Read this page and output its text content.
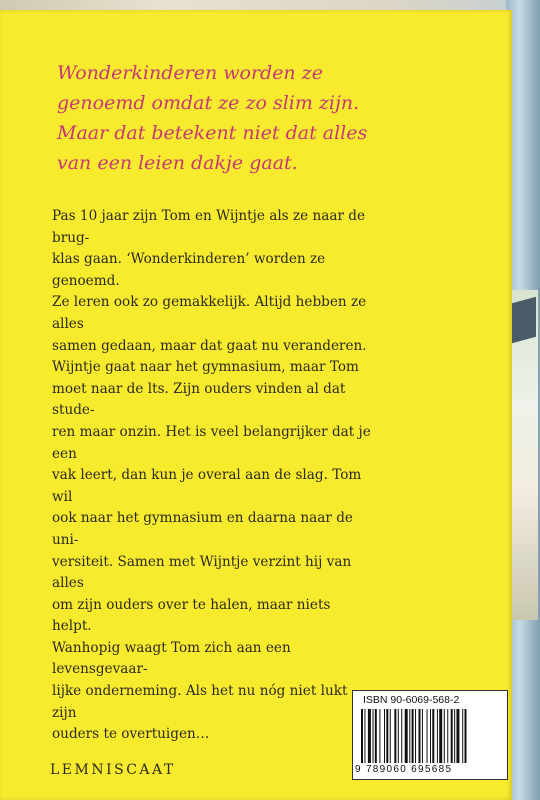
Wonderkinderen worden ze genoemd omdat ze zo slim zijn. Maar dat betekent niet dat alles van een leien dakje gaat.

Pas 10 jaar zijn Tom en Wijntje als ze naar de brug-
klas gaan. ‘Wonderkinderen’ worden ze genoemd.
Ze leren ook zo gemakkelijk. Altijd hebben ze alles
samen gedaan, maar dat gaat nu veranderen.
Wijntje gaat naar het gymnasium, maar Tom
moet naar de lts. Zijn ouders vinden al dat stude-
ren maar onzin. Het is veel belangrijker dat je een
vak leert, dan kun je overal aan de slag. Tom wil
ook naar het gymnasium en daarna naar de uni-
versiteit. Samen met Wijntje verzint hij van alles
om zijn ouders over te halen, maar niets helpt.
Wanhopig waagt Tom zich aan een levensgevaar-
lijke onderneming. Als het nu nóg niet lukt zijn
ouders te overtuigen…

LEMNISCAAT

ISBN 90-6069-568-2

9 789060 695685
